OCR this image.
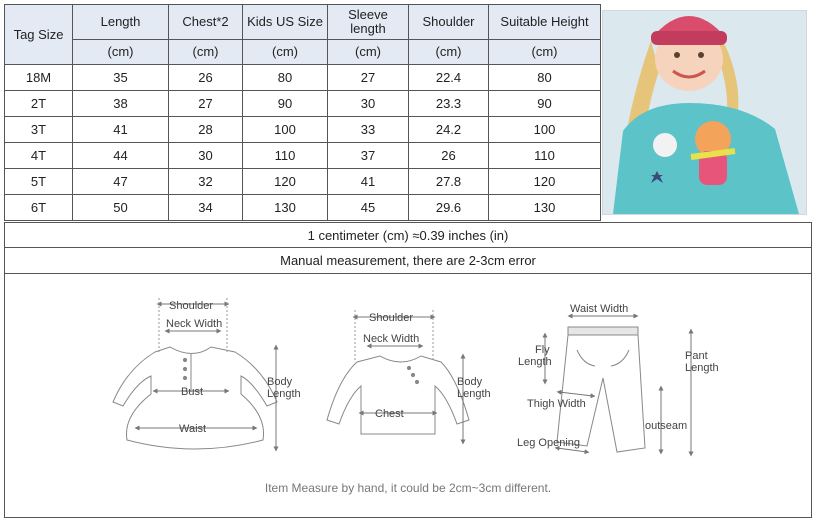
Tag Size	Length	Chest*2	Kids US Size	Sleeve length	Shoulder	Suitable Height
	(cm)	(cm)	(cm)	(cm)	(cm)	(cm)
18M	35	26	80	27	22.4	80
2T	38	27	90	30	23.3	90
3T	41	28	100	33	24.2	100
4T	44	30	110	37	26	110
5T	47	32	120	41	27.8	120
6T	50	34	130	45	29.6	130
1 centimeter (cm) ≈0.39 inches (in)
Manual measurement, there are 2-3cm error
Shoulder
Neck Width
Bust
Waist
Body
Length
Shoulder
Neck Width
Chest
Body
Length
Waist Width
Fly
Length
Thigh Width
Leg Opening
outseam
Pant
Length
Item Measure by hand, it could be 2cm~3cm different.
